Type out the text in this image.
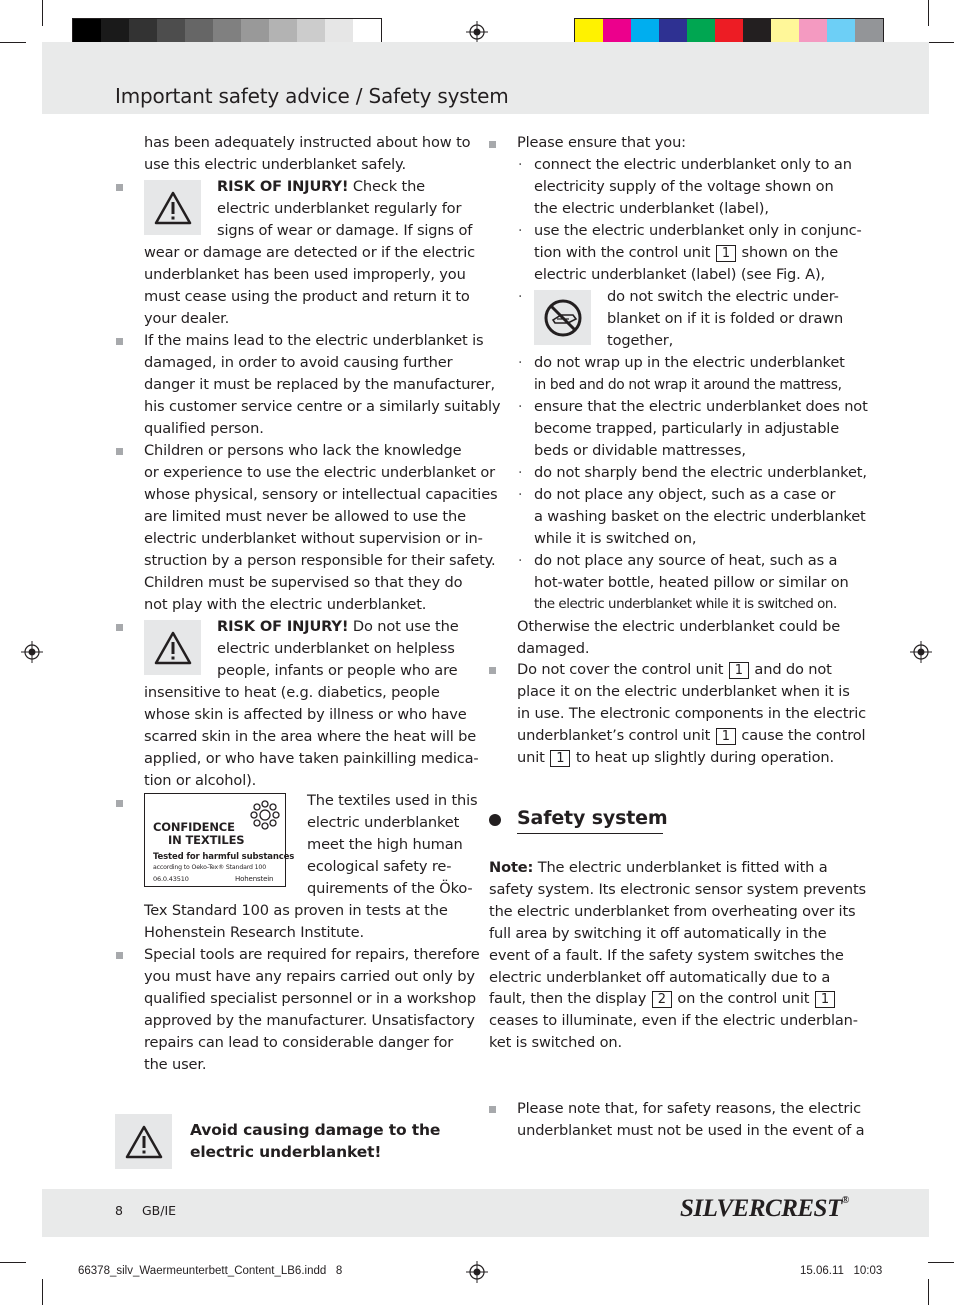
Important safety advice / Safety system
has been adequately instructed about how to
use this electric underblanket safely.
RISK OF INJURY! Check the
electric underblanket regularly for
signs of wear or damage. If signs of
wear or damage are detected or if the electric
underblanket has been used improperly, you
must cease using the product and return it to
your dealer.
If the mains lead to the electric underblanket is
damaged, in order to avoid causing further
danger it must be replaced by the manufacturer,
his customer service centre or a similarly suitably
qualified person.
Children or persons who lack the knowledge
or experience to use the electric underblanket or
whose physical, sensory or intellectual capacities
are limited must never be allowed to use the
electric underblanket without supervision or in-
struction by a person responsible for their safety.
Children must be supervised so that they do
not play with the electric underblanket.
RISK OF INJURY! Do not use the
electric underblanket on helpless
people, infants or people who are
insensitive to heat (e.g. diabetics, people
whose skin is affected by illness or who have
scarred skin in the area where the heat will be
applied, or who have taken painkilling medica-
tion or alcohol).
CONFIDENCE
IN TEXTILES
Tested for harmful substances
according to Oeko-Tex® Standard 100
06.0.43510	Hohenstein
The textiles used in this
electric underblanket
meet the high human
ecological safety re-
quirements of the Öko-
Tex Standard 100 as proven in tests at the
Hohenstein Research Institute.
Special tools are required for repairs, therefore
you must have any repairs carried out only by
qualified specialist personnel or in a workshop
approved by the manufacturer. Unsatisfactory
repairs can lead to considerable danger for
the user.
Avoid causing damage to the
electric underblanket!
Please ensure that you:
· connect the electric underblanket only to an
electricity supply of the voltage shown on
the electric underblanket (label),
· use the electric underblanket only in conjunc-
tion with the control unit 1 shown on the
electric underblanket (label) (see Fig. A),
·	do not switch the electric under-
blanket on if it is folded or drawn
together,
· do not wrap up in the electric underblanket
in bed and do not wrap it around the mattress,
· ensure that the electric underblanket does not
become trapped, particularly in adjustable
beds or dividable mattresses,
· do not sharply bend the electric underblanket,
· do not place any object, such as a case or
a washing basket on the electric underblanket
while it is switched on,
· do not place any source of heat, such as a
hot-water bottle, heated pillow or similar on
the electric underblanket while it is switched on.
Otherwise the electric underblanket could be
damaged.
Do not cover the control unit 1 and do not
place it on the electric underblanket when it is
in use. The electronic components in the electric
underblanket’s control unit 1 cause the control
unit 1 to heat up slightly during operation.
Safety system
Note: The electric underblanket is fitted with a
safety system. Its electronic sensor system prevents
the electric underblanket from overheating over its
full area by switching it off automatically in the
event of a fault. If the safety system switches the
electric underblanket off automatically due to a
fault, then the display 2 on the control unit 1
ceases to illuminate, even if the electric underblan-
ket is switched on.
Please note that, for safety reasons, the electric
underblanket must not be used in the event of a
8 GB/IE	SILVERCREST®
66378_silv_Waermeunterbett_Content_LB6.indd   8	15.06.11   10:03
